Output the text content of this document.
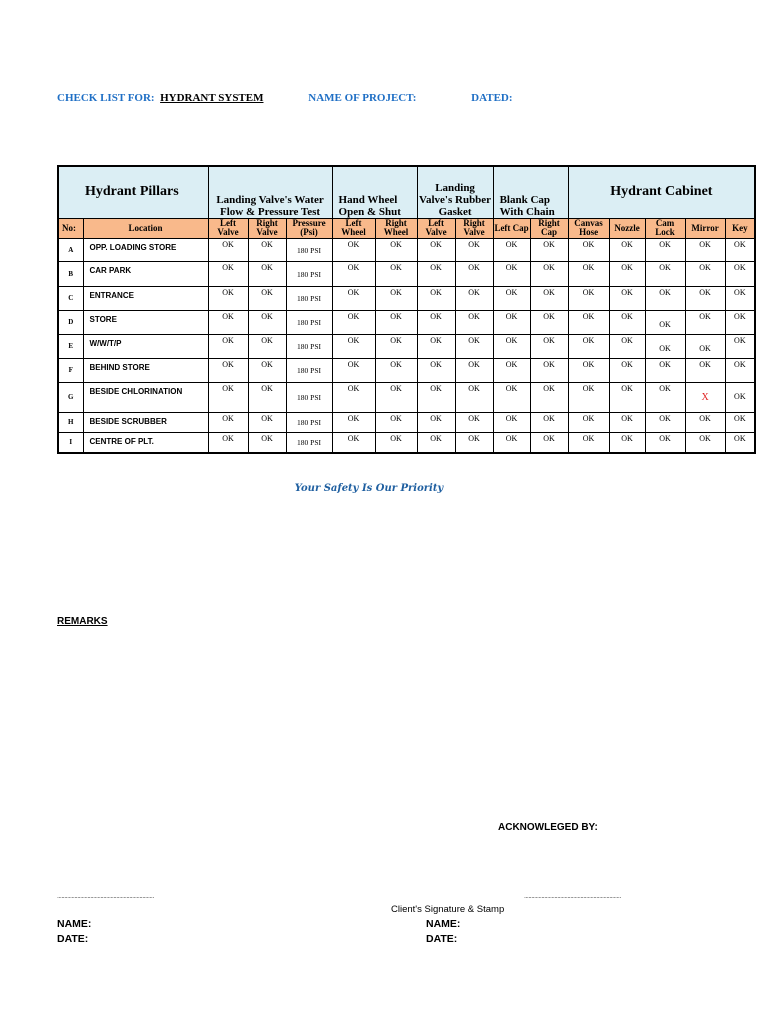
CHECK LIST FOR: HYDRANT SYSTEM	NAME OF PROJECT:	DATED:
Hydrant Pillars		Landing Valve's Water Flow & Pressure Test			Hand Wheel Open & Shut		Landing Valve's Rubber Gasket		Blank Cap With Chain		Hydrant Cabinet				
No:	Location	Left Valve	Right Valve	Pressure (Psi)	Left Wheel	Right Wheel	Left Valve	Right Valve	Left Cap	Right Cap	Canvas Hose	Nozzle	Cam Lock	Mirror	Key
A	OPP. LOADING STORE	OK	OK	180 PSI	OK	OK	OK	OK	OK	OK	OK	OK	OK	OK	OK
B	CAR PARK	OK	OK	180 PSI	OK	OK	OK	OK	OK	OK	OK	OK	OK	OK	OK
C	ENTRANCE	OK	OK	180 PSI	OK	OK	OK	OK	OK	OK	OK	OK	OK	OK	OK
D	STORE	OK	OK	180 PSI	OK	OK	OK	OK	OK	OK	OK	OK	OK	OK	OK
E	W/W/T/P	OK	OK	180 PSI	OK	OK	OK	OK	OK	OK	OK	OK	OK	OK	OK
F	BEHIND STORE	OK	OK	180 PSI	OK	OK	OK	OK	OK	OK	OK	OK	OK	OK	OK
G	BESIDE CHLORINATION	OK	OK	180 PSI	OK	OK	OK	OK	OK	OK	OK	OK	OK	X	OK

H	BESIDE SCRUBBER	OK	OK	180 PSI	OK	OK	OK	OK	OK	OK	OK	OK	OK	OK	OK
I	CENTRE OF PLT.	OK	OK	180 PSI	OK	OK	OK	OK	OK	OK	OK	OK	OK	OK	OK
Your Safety Is Our Priority
REMARKS
ACKNOWLEGED BY:
...................................................................	...................................................................
Client's Signature & Stamp
NAME:
DATE:
NAME:
DATE:
